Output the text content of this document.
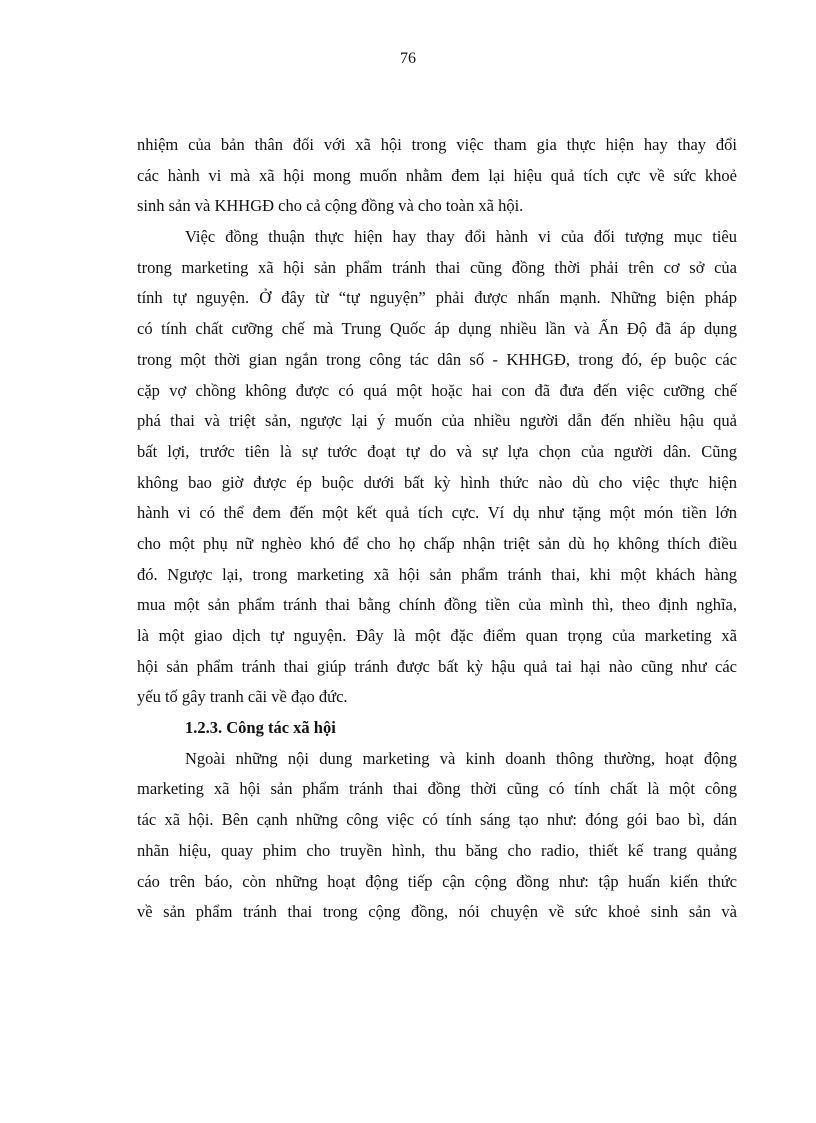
76
nhiệm của bản thân đối với xã hội trong việc tham gia thực hiện hay thay đổi
các hành vi mà xã hội mong muốn nhằm đem lại hiệu quả tích cực về sức khoẻ
sinh sản và KHHGĐ cho cả cộng đồng và cho toàn xã hội.
Việc đồng thuận thực hiện hay thay đổi hành vi của đối tượng mục tiêu
trong marketing xã hội sản phẩm tránh thai cũng đồng thời phải trên cơ sở của
tính tự nguyện. Ở đây từ “tự nguyện” phải được nhấn mạnh. Những biện pháp
có tính chất cưỡng chế mà Trung Quốc áp dụng nhiều lần và Ấn Độ đã áp dụng
trong một thời gian ngắn trong công tác dân số - KHHGĐ, trong đó, ép buộc các
cặp vợ chồng không được có quá một hoặc hai con đã đưa đến việc cưỡng chế
phá thai và triệt sản, ngược lại ý muốn của nhiều người dẫn đến nhiều hậu quả
bất lợi, trước tiên là sự tước đoạt tự do và sự lựa chọn của người dân. Cũng
không bao giờ được ép buộc dưới bất kỳ hình thức nào dù cho việc thực hiện
hành vi có thể đem đến một kết quả tích cực. Ví dụ như tặng một món tiền lớn
cho một phụ nữ nghèo khó để cho họ chấp nhận triệt sản dù họ không thích điều
đó. Ngược lại, trong marketing xã hội sản phẩm tránh thai, khi một khách hàng
mua một sản phẩm tránh thai bằng chính đồng tiền của mình thì, theo định nghĩa,
là một giao dịch tự nguyện. Đây là một đặc điểm quan trọng của marketing xã
hội sản phẩm tránh thai giúp tránh được bất kỳ hậu quả tai hại nào cũng như các
yếu tố gây tranh cãi về đạo đức.
1.2.3. Công tác xã hội
Ngoài những nội dung marketing và kinh doanh thông thường, hoạt động
marketing xã hội sản phẩm tránh thai đồng thời cũng có tính chất là một công
tác xã hội. Bên cạnh những công việc có tính sáng tạo như: đóng gói bao bì, dán
nhãn hiệu, quay phim cho truyền hình, thu băng cho radio, thiết kế trang quảng
cáo trên báo, còn những hoạt động tiếp cận cộng đồng như: tập huấn kiến thức
về sản phẩm tránh thai trong cộng đồng, nói chuyện về sức khoẻ sinh sản và
